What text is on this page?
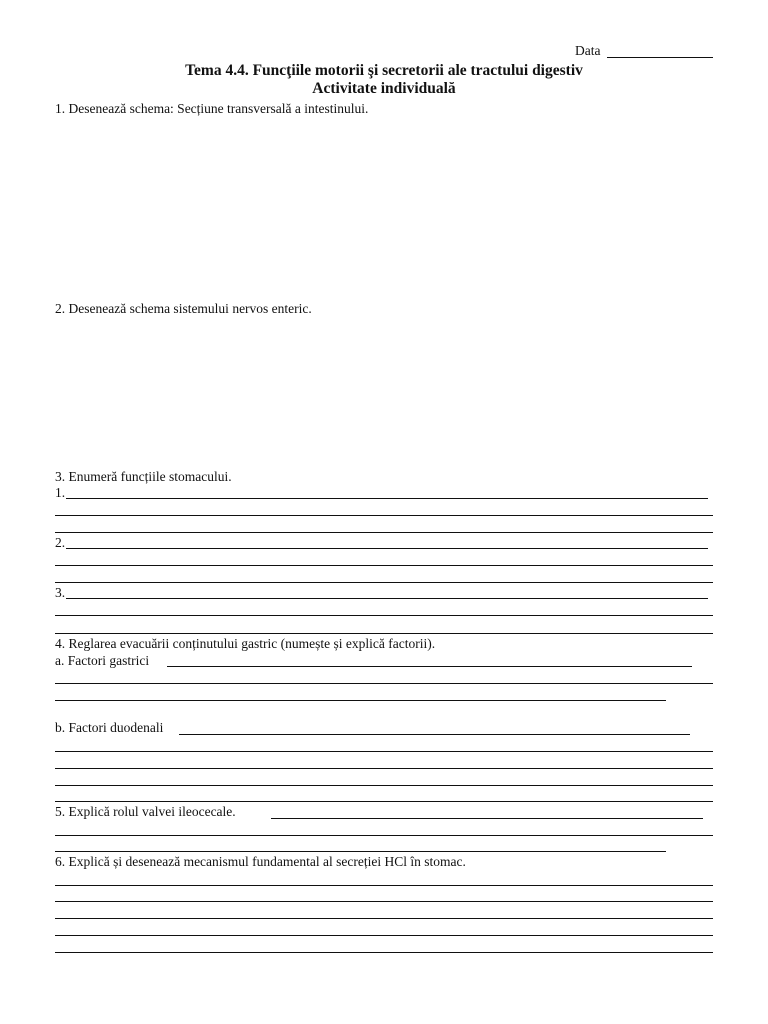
Data
Tema 4.4. Funcţiile motorii şi secretorii ale tractului digestiv
Activitate individuală
1. Desenează schema: Secțiune transversală a intestinului.
2. Desenează schema sistemului nervos enteric.
3. Enumeră funcțiile stomacului.
1.
2.
3.
4. Reglarea evacuării conținutului gastric (numește și explică factorii).
a. Factori gastrici
b. Factori duodenali
5. Explică rolul valvei ileocecale.
6. Explică și desenează mecanismul fundamental al secreției HCl în stomac.
